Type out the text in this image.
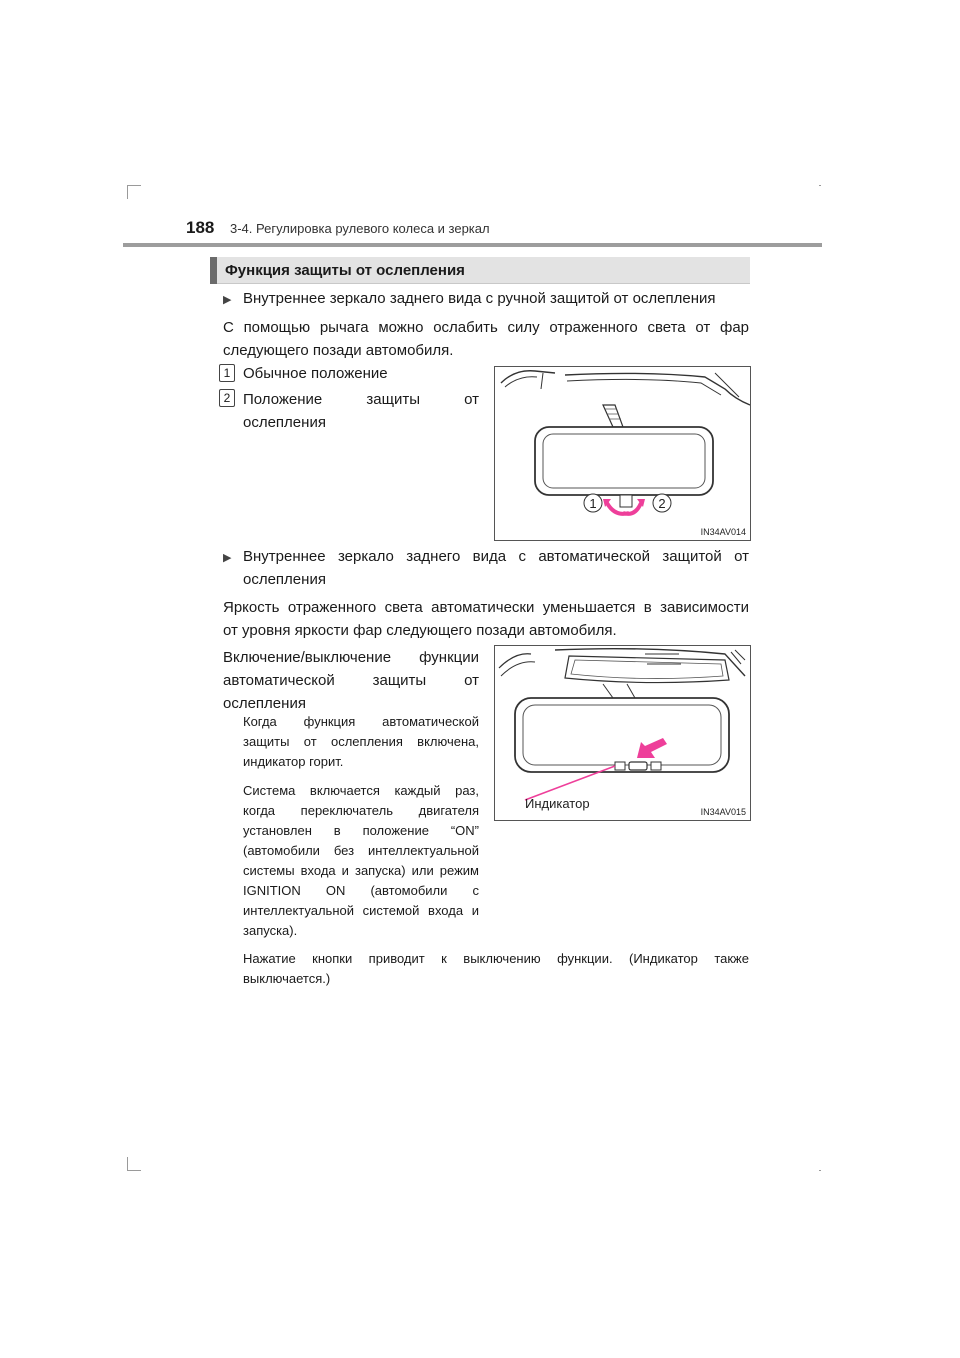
188 3-4. Регулировка рулевого колеса и зеркал
Функция защиты от ослепления
▶ Внутреннее зеркало заднего вида с ручной защитой от ослепления
С помощью рычага можно ослабить силу отраженного света от фар
следующего позади автомобиля.
1 Обычное положение
2 Положение защиты от
ослепления
1	2
IN34AV014
▶ Внутреннее зеркало заднего вида с автоматической защитой от
ослепления
Яркость отраженного света автоматически уменьшается в зависимости
от уровня яркости фар следующего позади автомобиля.
Включение/выключение функции
автоматической защиты от
ослепления
Когда функция автоматической
защиты от ослепления включена,
индикатор горит.
Система включается каждый раз,
когда переключатель двигателя
установлен в положение “ON”
(автомобили без интеллектуальной
системы входа и запуска) или режим
IGNITION ON (автомобили с
интеллектуальной системой входа и
запуска).
Нажатие кнопки приводит к выключению функции. (Индикатор также
выключается.)
Индикатор
IN34AV015
